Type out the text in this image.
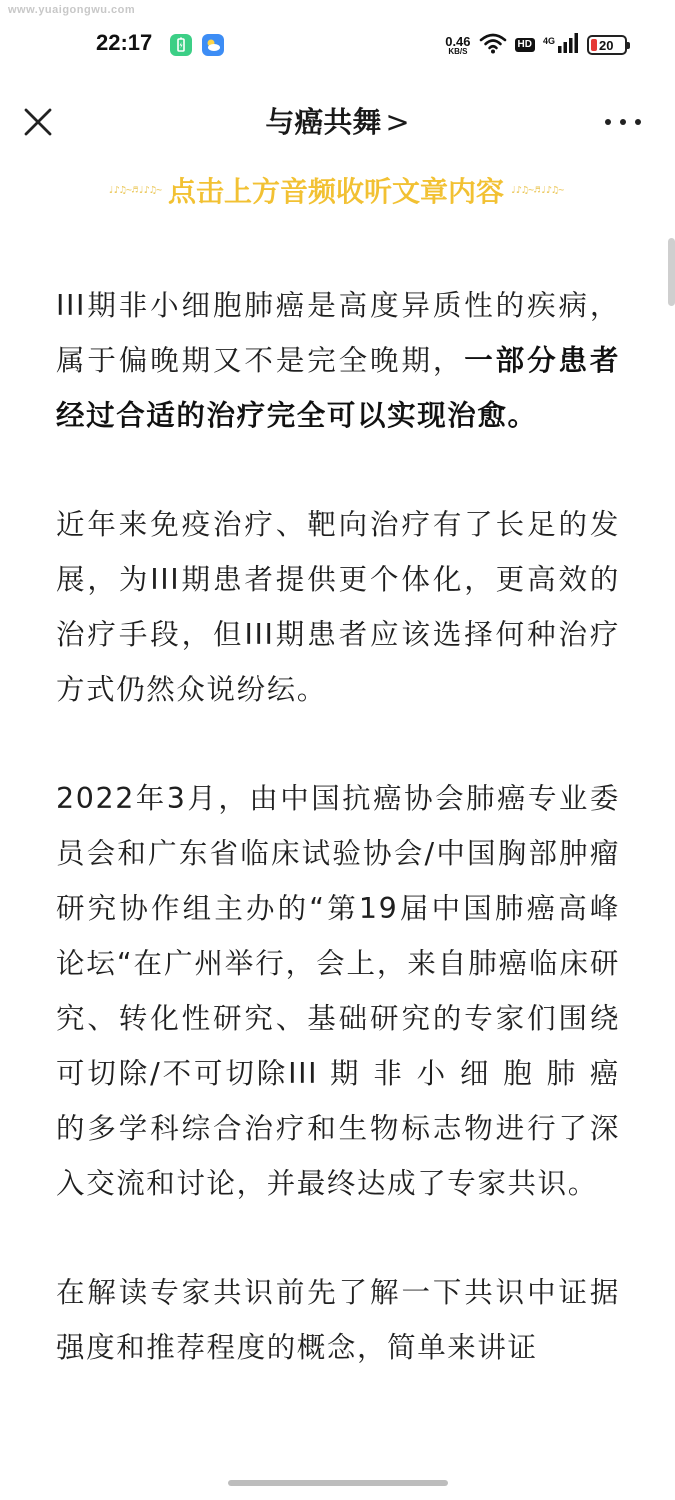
www.yuaigongwu.com
22:17	0.46
KB/S
HD	4G	20
与癌共舞 >
♩♪♫~♬♩♪♫~ 点击上方音频收听文章内容 ♩♪♫~♬♩♪♫~

III期非小细胞肺癌是高度异质性的疾病，属于偏晚期又不是完全晚期，一部分患者经过合适的治疗完全可以实现治愈。

近年来免疫治疗、靶向治疗有了长足的发展，为III期患者提供更个体化，更高效的治疗手段，但III期患者应该选择何种治疗方式仍然众说纷纭。

2022年3月，由中国抗癌协会肺癌专业委员会和广东省临床试验协会/中国胸部肿瘤研究协作组主办的“第19届中国肺癌高峰论坛“在广州举行，会上，来自肺癌临床研究、转化性研究、基础研究的专家们围绕可切除/不可切除III 期 非 小 细 胞 肺 癌的多学科综合治疗和生物标志物进行了深入交流和讨论，并最终达成了专家共识。

在解读专家共识前先了解一下共识中证据强度和推荐程度的概念，简单来讲证
